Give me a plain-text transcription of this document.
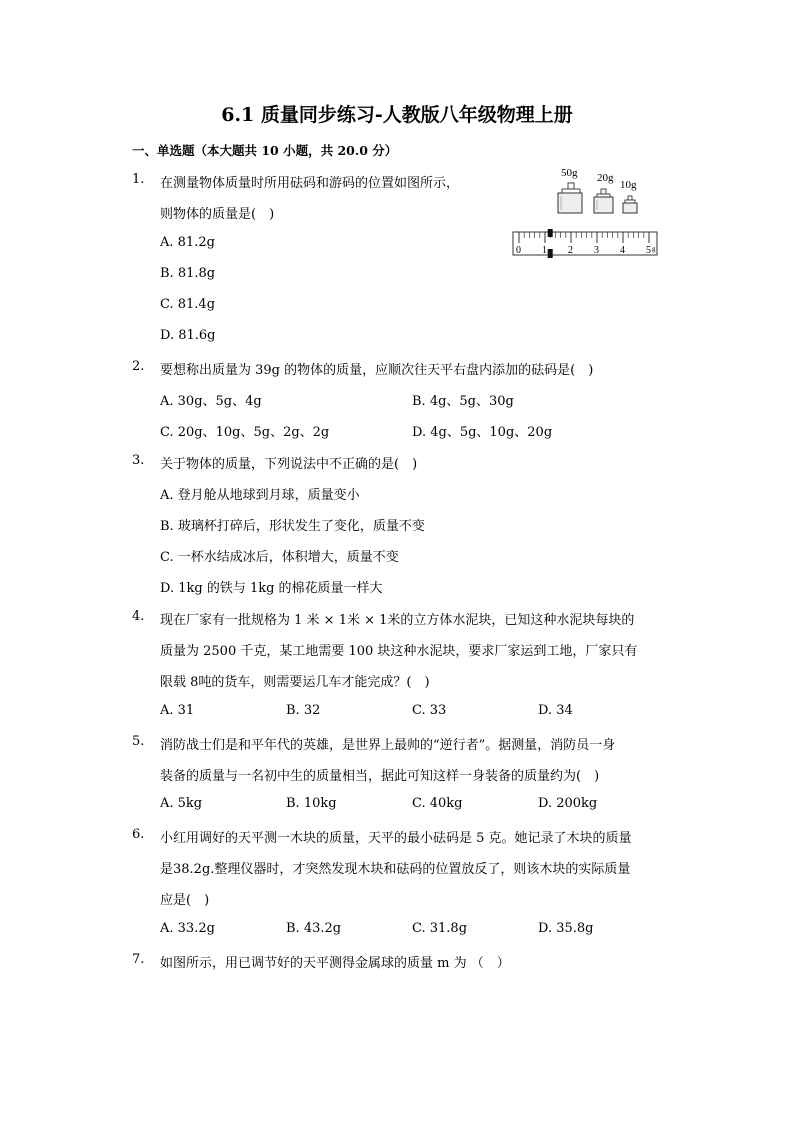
6.1 质量同步练习-人教版八年级物理上册
一、单选题（本大题共 10 小题，共 20.0 分）
1. 在测量物体质量时所用砝码和游码的位置如图所示，
则物体的质量是(　)
A. 81.2g
B. 81.8g
C. 81.4g
D. 81.6g
50g 20g
10g
0 1 2 3 4 5 g
2. 要想称出质量为 39g 的物体的质量，应顺次往天平右盘内添加的砝码是(　)
A. 30g、5g、4g	B. 4g、5g、30g
C. 20g、10g、5g、2g、2g	D. 4g、5g、10g、20g
3. 关于物体的质量，下列说法中不正确的是(　)
A. 登月舱从地球到月球，质量变小
B. 玻璃杯打碎后，形状发生了变化，质量不变
C. 一杯水结成冰后，体积增大，质量不变
D. 1kg 的铁与 1kg 的棉花质量一样大
4. 现在厂家有一批规格为 1 米 × 1米 × 1米的立方体水泥块，已知这种水泥块每块的
质量为 2500 千克，某工地需要 100 块这种水泥块，要求厂家运到工地，厂家只有
限载 8吨的货车，则需要运几车才能完成？(　)
A. 31	B. 32	C. 33	D. 34
5. 消防战士们是和平年代的英雄，是世界上最帅的“逆行者”。据测量，消防员一身
装备的质量与一名初中生的质量相当，据此可知这样一身装备的质量约为(　)
A. 5kg	B. 10kg	C. 40kg	D. 200kg
6. 小红用调好的天平测一木块的质量，天平的最小砝码是 5 克。她记录了木块的质量
是38.2g.整理仪器时，才突然发现木块和砝码的位置放反了，则该木块的实际质量
应是(　)
A. 33.2g	B. 43.2g	C. 31.8g	D. 35.8g
7. 如图所示，用已调节好的天平测得金属球的质量 m 为 （　）
